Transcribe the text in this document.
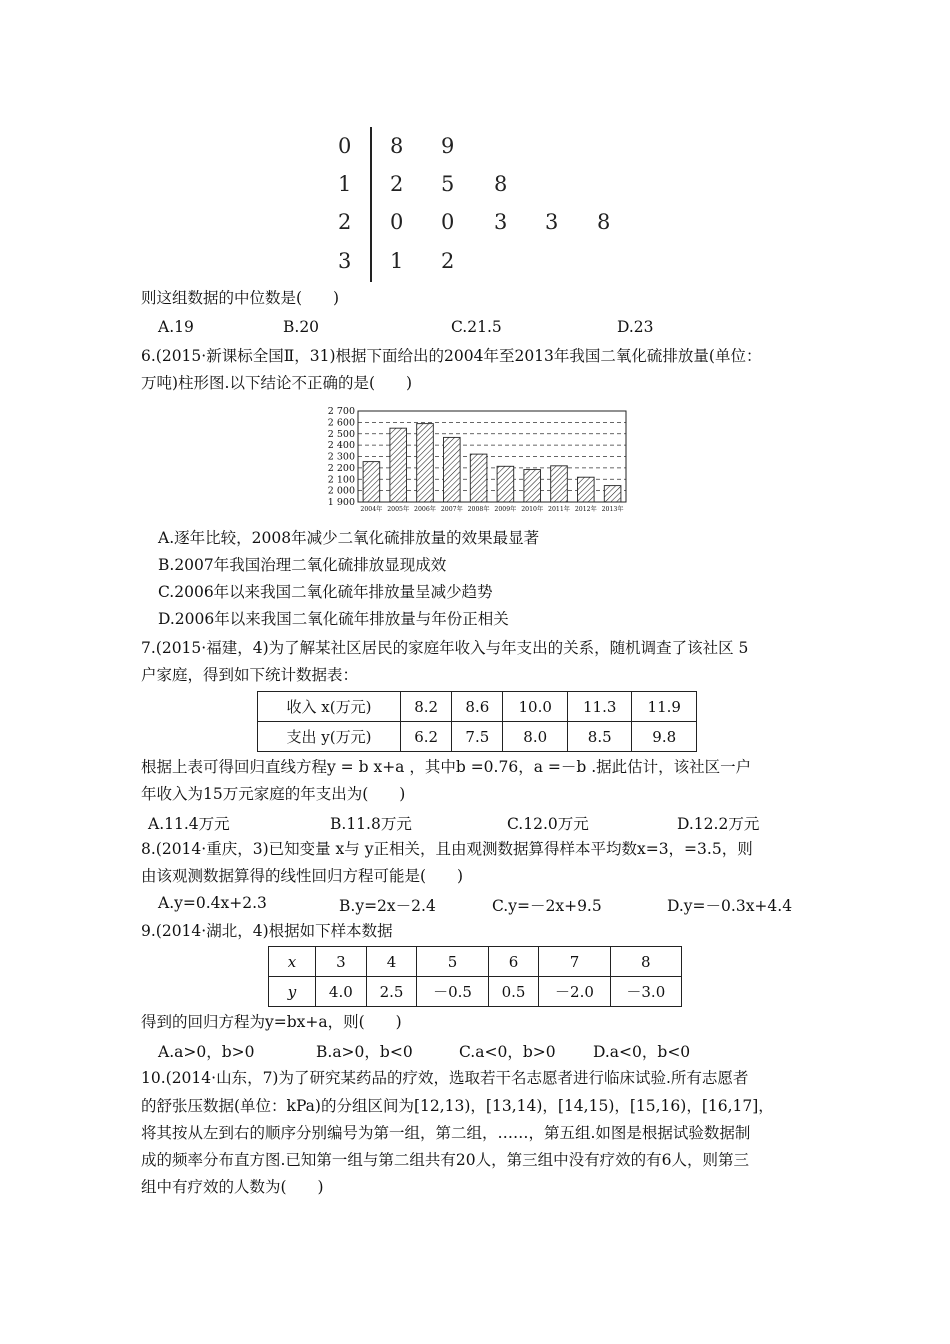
0 8 9
1 2 5 8
2 0 0 3 3 8
3 1 2
则这组数据的中位数是(　　)
A.19	B.20	C.21.5	D.23
6.(2015·新课标全国Ⅱ，31)根据下面给出的2004年至2013年我国二氧化硫排放量(单位：
万吨)柱形图.以下结论不正确的是(　　)
1 900
2 000
2 100
2 200
2 300
2 400
2 500
2 600
2 700
2004年 2005年 2006年 2007年 2008年 2009年 2010年 2011年 2012年 2013年
A.逐年比较，2008年减少二氧化硫排放量的效果最显著
B.2007年我国治理二氧化硫排放显现成效
C.2006年以来我国二氧化硫年排放量呈减少趋势
D.2006年以来我国二氧化硫年排放量与年份正相关
7.(2015·福建，4)为了解某社区居民的家庭年收入与年支出的关系，随机调查了该社区 5
户家庭，得到如下统计数据表：
收入 x(万元)	8.2	8.6	10.0	11.3	11.9
支出 y(万元)	6.2	7.5	8.0	8.5	9.8
根据上表可得回归直线方程y = b x+a ，其中b =0.76，a =－b .据此估计，该社区一户
年收入为15万元家庭的年支出为(　　)
A.11.4万元	B.11.8万元	C.12.0万元	D.12.2万元
8.(2014·重庆，3)已知变量 x与 y正相关，且由观测数据算得样本平均数x=3，=3.5，则
由该观测数据算得的线性回归方程可能是(　　)
A.y=0.4x+2.3	B.y=2x－2.4	C.y=－2x+9.5	D.y=－0.3x+4.4
9.(2014·湖北，4)根据如下样本数据
x	3	4	5	6	7	8
y	4.0	2.5	－0.5	0.5	－2.0	－3.0
得到的回归方程为y=bx+a，则(　　)
A.a>0，b>0	B.a>0，b<0	C.a<0，b>0 D.a<0，b<0
10.(2014·山东，7)为了研究某药品的疗效，选取若干名志愿者进行临床试验.所有志愿者
的舒张压数据(单位：kPa)的分组区间为[12,13)，[13,14)，[14,15)，[15,16)，[16,17]，
将其按从左到右的顺序分别编号为第一组，第二组，……，第五组.如图是根据试验数据制
成的频率分布直方图.已知第一组与第二组共有20人，第三组中没有疗效的有6人，则第三
组中有疗效的人数为(　　)
